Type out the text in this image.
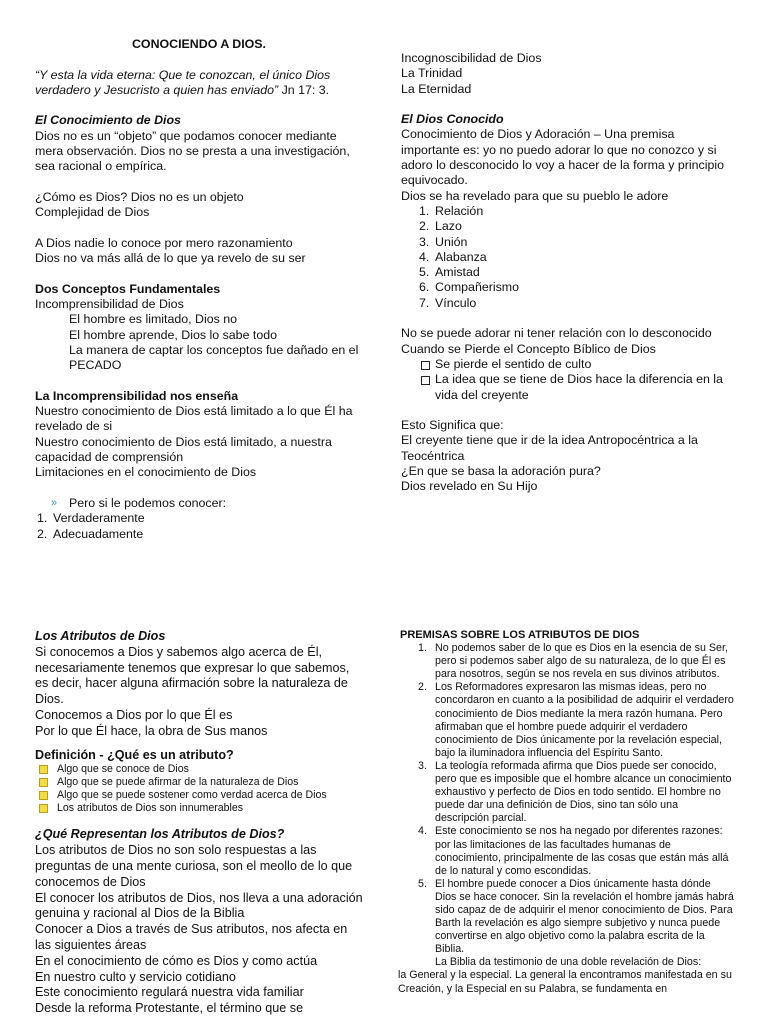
CONOCIENDO A DIOS.

“Y esta la vida eterna: Que te conozcan, el único Dios verdadero y Jesucristo a quien has enviado” Jn 17: 3.

El Conocimiento de Dios

Dios no es un “objeto” que podamos conocer mediante mera observación. Dios no se presta a una investigación, sea racional o empírica.

¿Cómo es Dios? Dios no es un objeto

Complejidad de Dios

A Dios nadie lo conoce por mero razonamiento

Dios no va más allá de lo que ya revelo de su ser

Dos Conceptos Fundamentales

Incomprensibilidad de Dios

El hombre es limitado, Dios no

El hombre aprende, Dios lo sabe todo

La manera de captar los conceptos fue dañado en el PECADO

La Incomprensibilidad nos enseña

Nuestro conocimiento de Dios está limitado a lo que Él ha revelado de si

Nuestro conocimiento de Dios está limitado, a nuestra capacidad de comprensión

Limitaciones en el conocimiento de Dios

» Pero si le podemos conocer:
1. Verdaderamente
2. Adecuadamente

Incognoscibilidad de Dios

La Trinidad

La Eternidad

El Dios Conocido

Conocimiento de Dios y Adoración – Una premisa importante es: yo no puedo adorar lo que no conozco y si adoro lo desconocido lo voy a hacer de la forma y principio equivocado.

Dios se ha revelado para que su pueblo le adore

1. Relación
2. Lazo
3. Unión
4. Alabanza
5. Amistad
6. Compañerismo
7. Vínculo

No se puede adorar ni tener relación con lo desconocido

Cuando se Pierde el Concepto Bíblico de Dios

Se pierde el sentido de culto
La idea que se tiene de Dios hace la diferencia en la vida del creyente

Esto Significa que:

El creyente tiene que ir de la idea Antropocéntrica a la Teocéntrica

¿En que se basa la adoración pura?

Dios revelado en Su Hijo

Los Atributos de Dios

Si conocemos a Dios y sabemos algo acerca de Él, necesariamente tenemos que expresar lo que sabemos, es decir, hacer alguna afirmación sobre la naturaleza de Dios.

Conocemos a Dios por lo que Él es

Por lo que Él hace, la obra de Sus manos

Definición - ¿Qué es un atributo?

Algo que se conoce de Dios
Algo que se puede afirmar de la naturaleza de Dios
Algo que se puede sostener como verdad acerca de Dios
Los atributos de Dios son innumerables

¿Qué Representan los Atributos de Dios?

Los atributos de Dios no son solo respuestas a las preguntas de una mente curiosa, son el meollo de lo que conocemos de Dios

El conocer los atributos de Dios, nos lleva a una adoración genuina y racional al Dios de la Biblia

Conocer a Dios a través de Sus atributos, nos afecta en las siguientes áreas

En el conocimiento de cómo es Dios y como actúa

En nuestro culto y servicio cotidiano

Este conocimiento regulará nuestra vida familiar

Desde la reforma Protestante, el término que se

PREMISAS SOBRE LOS ATRIBUTOS DE DIOS

1. No podemos saber de lo que es Dios en la esencia de su Ser, pero si podemos saber algo de su naturaleza, de lo que Él es para nosotros, según se nos revela en sus divinos atributos.
2. Los Reformadores expresaron las mismas ideas, pero no concordaron en cuanto a la posibilidad de adquirir el verdadero conocimiento de Dios mediante la mera razón humana. Pero afirmaban que el hombre puede adquirir el verdadero conocimiento de Dios únicamente por la revelación especial, bajo la iluminadora influencia del Espíritu Santo.
3. La teología reformada afirma que Dios puede ser conocido, pero que es imposible que el hombre alcance un conocimiento exhaustivo y perfecto de Dios en todo sentido. El hombre no puede dar una definición de Dios, sino tan sólo una descripción parcial.
4. Este conocimiento se nos ha negado por diferentes razones: por las limitaciones de las facultades humanas de conocimiento, principalmente de las cosas que están más allá de lo natural y como escondidas.
5. El hombre puede conocer a Dios únicamente hasta dónde Dios se hace conocer. Sin la revelación el hombre jamás habrá sido capaz de de adquirir el menor conocimiento de Dios. Para Barth la revelación es algo siempre subjetivo y nunca puede convertirse en algo objetivo como la palabra escrita de la Biblia.

La Biblia da testimonio de una doble revelación de Dios:

la General y la especial. La general la encontramos manifestada en su Creación, y la Especial en su Palabra, se fundamenta en
